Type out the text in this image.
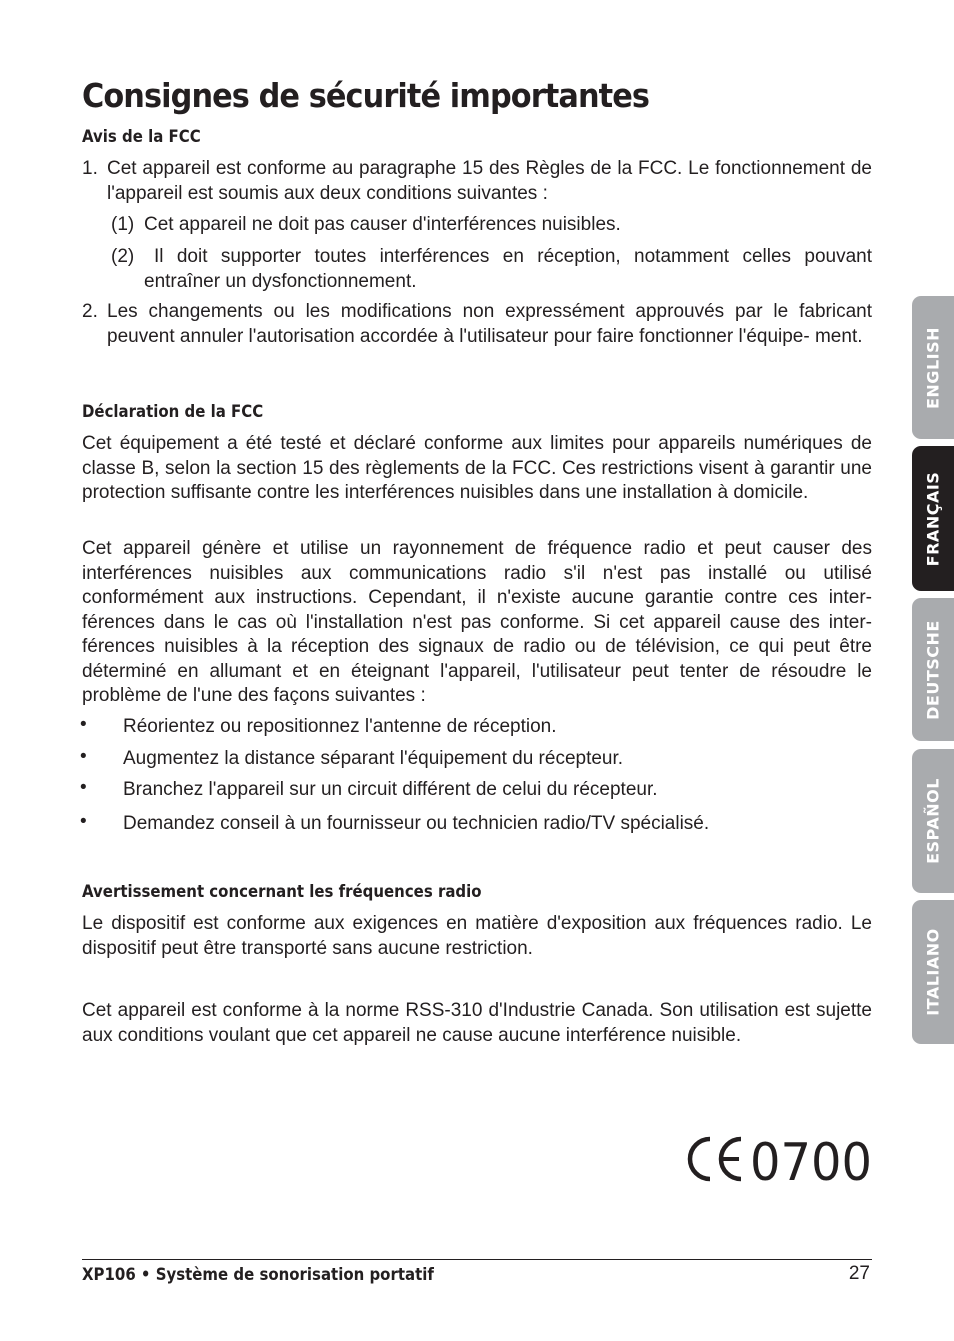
Consignes de sécurité importantes
Avis de la FCC
1. Cet appareil est conforme au paragraphe 15 des Règles de la FCC. Le fonctionnement de l'appareil est soumis aux deux conditions suivantes :
(1) Cet appareil ne doit pas causer d'interférences nuisibles.
(2)	Il doit supporter toutes interférences en réception, notamment celles pouvant entraîner un dysfonctionnement.
2. Les changements ou les modifications non expressément approuvés par le fabricant peuvent annuler l'autorisation accordée à l'utilisateur pour faire fonctionner l'équipe- ment.
Déclaration de la FCC

Cet équipement a été testé et déclaré conforme aux limites pour appareils numériques de classe B, selon la section 15 des règlements de la FCC. Ces restrictions visent à garantir une protection suffisante contre les interférences nuisibles dans une installation à domicile.

Cet appareil génère et utilise un rayonnement de fréquence radio et peut causer des interférences nuisibles aux communications radio s'il n'est pas installé ou utilisé conformément aux instructions. Cependant, il n'existe aucune garantie contre ces inter- férences dans le cas où l'installation n'est pas conforme. Si cet appareil cause des inter- férences nuisibles à la réception des signaux de radio ou de télévision, ce qui peut être déterminé en allumant et en éteignant l'appareil, l'utilisateur peut tenter de résoudre le problème de l'une des façons suivantes :

• Réorientez ou repositionnez l'antenne de réception.
• Augmentez la distance séparant l'équipement du récepteur.
• Branchez l'appareil sur un circuit différent de celui du récepteur.
• Demandez conseil à un fournisseur ou technicien radio/TV spécialisé.
Avertissement concernant les fréquences radio

Le dispositif est conforme aux exigences en matière d'exposition aux fréquences radio. Le dispositif peut être transporté sans aucune restriction.

Cet appareil est conforme à la norme RSS-310 d'Industrie Canada. Son utilisation est sujette aux conditions voulant que cet appareil ne cause aucune interférence nuisible.

0700
XP106 • Système de sonorisation portatif	27
ENGLISH
FRANÇAIS
DEUTSCHE
ESPAÑOL
ITALIANO
